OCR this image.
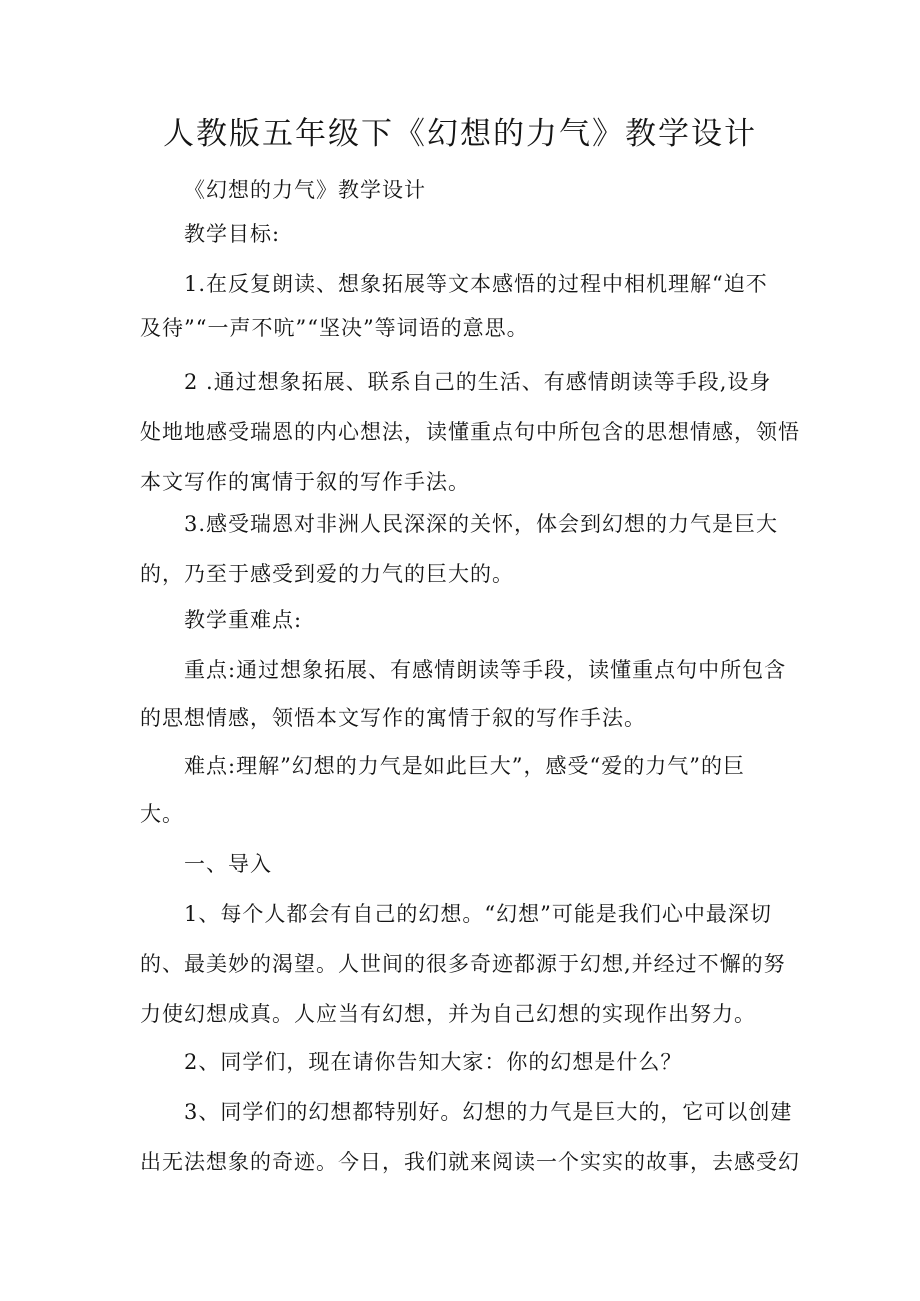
人教版五年级下《幻想的力气》教学设计
《幻想的力气》教学设计
教学目标:
1.在反复朗读、想象拓展等文本感悟的过程中相机理解“迫不
及待”“一声不吭”“坚决”等词语的意思。
2 .通过想象拓展、联系自己的生活、有感情朗读等手段,设身
处地地感受瑞恩的内心想法，读懂重点句中所包含的思想情感，领悟
本文写作的寓情于叙的写作手法。
3.感受瑞恩对非洲人民深深的关怀，体会到幻想的力气是巨大
的，乃至于感受到爱的力气的巨大的。
教学重难点:
重点:通过想象拓展、有感情朗读等手段，读懂重点句中所包含
的思想情感，领悟本文写作的寓情于叙的写作手法。
难点:理解”幻想的力气是如此巨大”，感受“爱的力气”的巨
大。
一、导入
1、每个人都会有自己的幻想。“幻想”可能是我们心中最深切
的、最美妙的渴望。人世间的很多奇迹都源于幻想,并经过不懈的努
力使幻想成真。人应当有幻想，并为自己幻想的实现作出努力。
2、同学们，现在请你告知大家：你的幻想是什么？
3、同学们的幻想都特别好。幻想的力气是巨大的，它可以创建
出无法想象的奇迹。今日，我们就来阅读一个实实的故事，去感受幻
